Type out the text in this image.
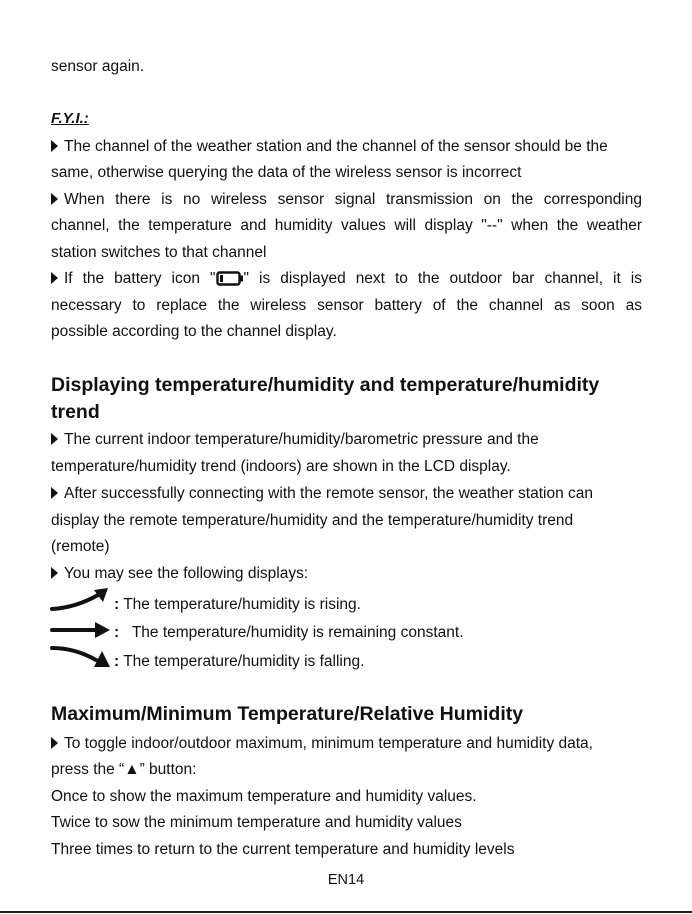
sensor again.
F.Y.I.:
The channel of the weather station and the channel of the sensor should be the
same, otherwise querying the data of the wireless sensor is incorrect
When there is no wireless sensor signal transmission on the corresponding
channel, the temperature and humidity values will display "--" when the weather
station switches to that channel
If the battery icon " " is displayed next to the outdoor bar channel, it is
necessary to replace the wireless sensor battery of the channel as soon as
possible according to the channel display.
Displaying temperature/humidity and temperature/humidity
trend
The current indoor temperature/humidity/barometric pressure and the
temperature/humidity trend (indoors) are shown in the LCD display.
After successfully connecting with the remote sensor, the weather station can
display the remote temperature/humidity and the temperature/humidity trend
(remote)
You may see the following displays:
: The temperature/humidity is rising.
: The temperature/humidity is remaining constant.
: The temperature/humidity is falling.
Maximum/Minimum Temperature/Relative Humidity
To toggle indoor/outdoor maximum, minimum temperature and humidity data,
press the “▲” button:
Once to show the maximum temperature and humidity values.
Twice to sow the minimum temperature and humidity values
Three times to return to the current temperature and humidity levels
EN14
